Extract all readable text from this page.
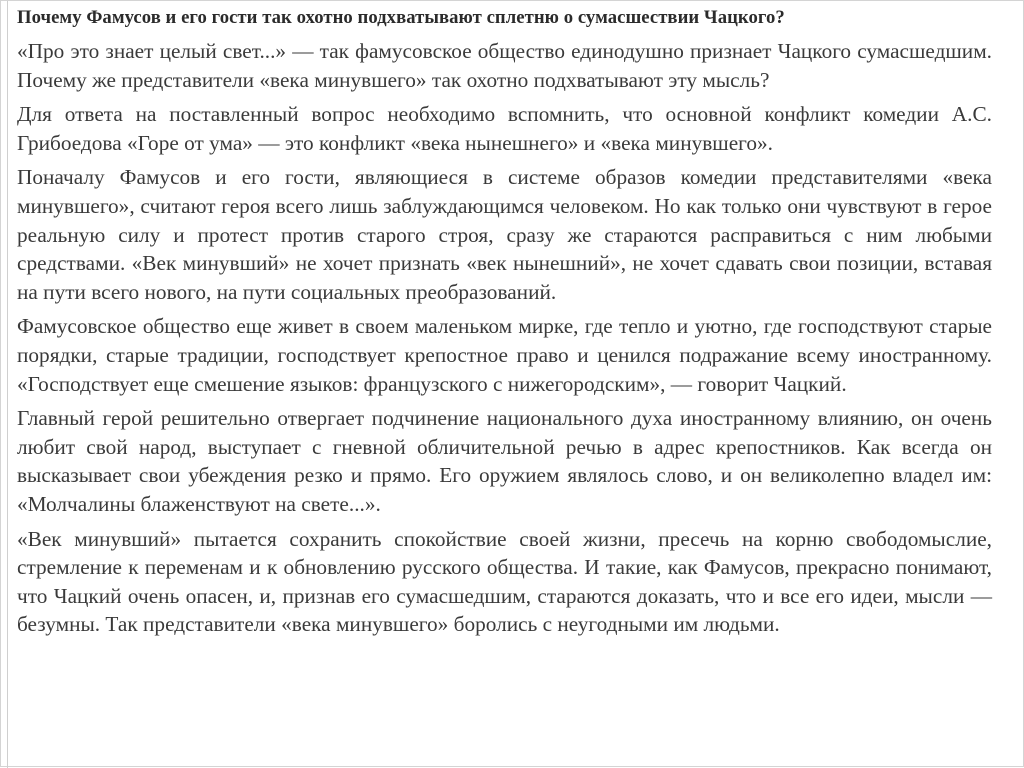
Почему Фамусов и его гости так охотно подхватывают сплетню о сумасшествии Чацкого?

«Про это знает целый свет...» — так фамусовское общество единодушно признает Чацкого сумасшедшим. Почему же представители «века минувшего» так охотно подхватывают эту мысль?

Для ответа на поставленный вопрос необходимо вспомнить, что основной конфликт комедии А.С. Грибоедова «Горе от ума» — это конфликт «века нынешнего» и «века минувшего».

Поначалу Фамусов и его гости, являющиеся в системе образов комедии представителями «века минувшего», считают героя всего лишь заблуждающимся человеком. Но как только они чувствуют в герое реальную силу и протест против старого строя, сразу же стараются расправиться с ним любыми средствами. «Век минувший» не хочет признать «век нынешний», не хочет сдавать свои позиции, вставая на пути всего нового, на пути социальных преобразований.

Фамусовское общество еще живет в своем маленьком мирке, где тепло и уютно, где господствуют старые порядки, старые традиции, господствует крепостное право и ценился подражание всему иностранному. «Господствует еще смешение языков: французского с нижегородским», — говорит Чацкий.

Главный герой решительно отвергает подчинение национального духа иностранному влиянию, он очень любит свой народ, выступает с гневной обличительной речью в адрес крепостников. Как всегда он высказывает свои убеждения резко и прямо. Его оружием являлось слово, и он великолепно владел им: «Молчалины блаженствуют на свете...».

«Век минувший» пытается сохранить спокойствие своей жизни, пресечь на корню свободомыслие, стремление к переменам и к обновлению русского общества. И такие, как Фамусов, прекрасно понимают, что Чацкий очень опасен, и, признав его сумасшедшим, стараются доказать, что и все его идеи, мысли — безумны. Так представители «века минувшего» боролись с неугодными им людьми.
